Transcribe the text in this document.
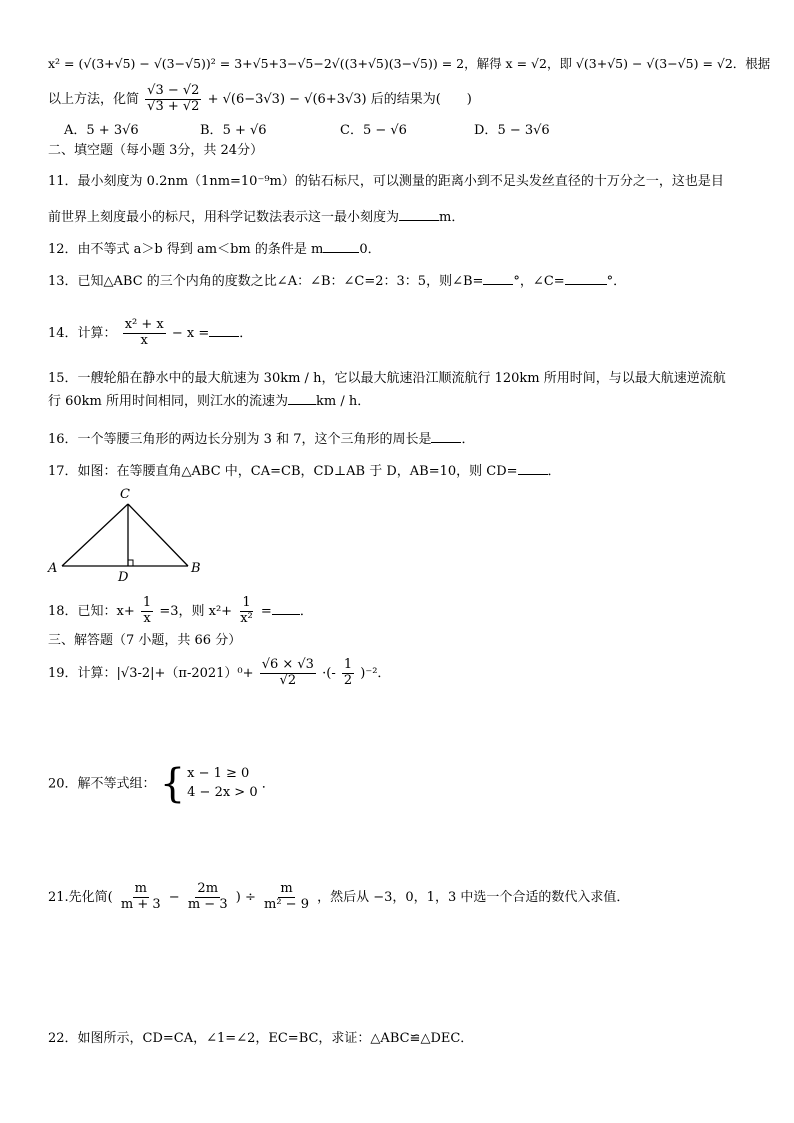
x² = (√(3+√5) − √(3−√5))² = 3+√5+3−√5−2√((3+√5)(3−√5)) = 2，解得 x = √2，即 √(3+√5) − √(3−√5) = √2．根据
以上方法，化简 $\frac{√3 - √2}{√3 + √2} + √(6-3√3) - √(6+3√3)$ 后的结果为(　　)
A．5 + 3√6	B．5 + √6	C．5 − √6	D．5 − 3√6
二、填空题（每小题 3分，共 24分）
11．最小刻度为 0.2nm（1nm=10⁻⁹m）的钻石标尺，可以测量的距离小到不足头发丝直径的十万分之一，这也是目
前世界上刻度最小的标尺，用科学记数法表示这一最小刻度为	m．
12．由不等式 a＞b 得到 am＜bm 的条件是 m	0．
13．已知△ABC 的三个内角的度数之比∠A：∠B：∠C=2：3：5，则∠B= °，∠C=	°．
14．计算： $\frac{\text{x² + x}}{x} - x$ = ．
15．一艘轮船在静水中的最大航速为 30km / h，它以最大航速沿江顺流航行 120km 所用时间，与以最大航速逆流航
行 60km 所用时间相同，则江水的流速为 km / h．
16．一个等腰三角形的两边长分别为 3 和 7，这个三角形的周长是 ．
17．如图：在等腰直角△ABC 中，CA=CB，CD⊥AB 于 D，AB=10，则 CD= ．
C
A	B
D
18．已知：$x+ \frac{1}{x} =3$，则 $x^2+ \frac{1}{\text{x²}}$ = ．
三、解答题（7 小题，共 66 分）
19．计算：$|√3-2|+(\pi-2021)^0+ \frac{√6 \times √3}{√2}$ ·(- $\frac{1}{2} )^{-2}$．
20．解不等式组： { x − 1 ≥ 0
4 − 2x > 0
．
21.先化简( $\frac{m}{m + 3} - \frac{2m}{m - 3}$ ) ÷ $\frac{m}{\text{m² − 9}}$ ，然后从 −3，0，1，3 中选一个合适的数代入求值．
22．如图所示，CD=CA，∠1=∠2，EC=BC，求证：△ABC≌△DEC．
